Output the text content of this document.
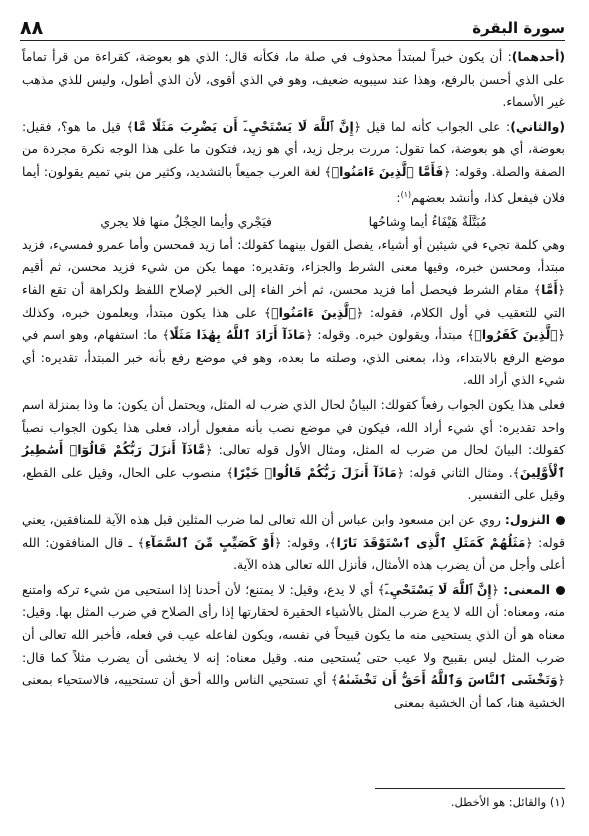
سورة البقرة
٨٨

(أحدهما): أن يكون خبراً لمبتدأ محذوف في صلة ما، فكأنه قال: الذي هو بعوضة، كقراءة من قرأ تماماً على الذي أحسن بالرفع، وهذا عند سيبويه ضعيف، وهو في الذي أقوى، لأن الذي أطول، وليس للذي مذهب غير الأسماء.

(والثاني): على الجواب كأنه لما قيل ﴿إِنَّ ٱللَّهَ لَا يَسْتَحْيِۦٓ أَن يَضْرِبَ مَثَلًا مَّا﴾ قيل ما هو؟، فقيل: بعوضة، أي هو بعوضة، كما تقول: مررت برجل زيد، أي هو زيد، فتكون ما على هذا الوجه نكرة مجردة من الصفة والصلة. وقوله: ﴿فَأَمَّا ٱلَّذِينَ ءَامَنُوا۟﴾ لغة العرب جميعاً بالتشديد، وكثير من بني تميم يقولون: أيما فلان فيفعل كذا، وأنشد بعضهم$^{(١)}$:

مُبَتَّلَةٌ هَيْفَاءُ أيما وِشاحُها
فيَجْري وأيما الحِجْلُ منها فلا يجري

وهي كلمة تجيء في شيئين أو أشياء، يفصل القول بينهما كقولك: أما زيد فمحسن وأما عمرو فمسيء، فزيد مبتدأ، ومحسن خبره، وفيها معنى الشرط والجزاء، وتقديره: مهما يكن من شيء فزيد محسن، ثم أقيم ﴿أَمَّا﴾ مقام الشرط فيحصل أما فزيد محسن، ثم أخر الفاء إلى الخبر لإصلاح اللفظ ولكراهة أن تقع الفاء التي للتعقيب في أول الكلام، فقوله: ﴿ٱلَّذِينَ ءَامَنُوا۟﴾ على هذا يكون مبتدأ، ويعلمون خبره، وكذلك ﴿ٱلَّذِينَ كَفَرُوا۟﴾ مبتدأ، ويقولون خبره. وقوله: ﴿مَاذَآ أَرَادَ ٱللَّهُ بِهَٰذَا مَثَلًا﴾ ما: استفهام، وهو اسم في موضع الرفع بالابتداء، وذا، بمعنى الذي، وصلته ما بعده، وهو في موضع رفع بأنه خبر المبتدأ، تقديره: أي شيء الذي أراد الله.

فعلى هذا يكون الجواب رفعاً كقولك: البيانُ لحال الذي ضرب له المثل، ويحتمل أن يكون: ما وذا بمنزلة اسم واحد تقديره: أي شيء أراد الله، فيكون في موضع نصب بأنه مفعول أراد، فعلى هذا يكون الجواب نصباً كقولك: البيانَ لحال من ضرب له المثل، ومثال الأول قوله تعالى: ﴿مَّاذَآ أَنزَلَ رَبُّكُمْ قَالُوٓا۟ أَسَٰطِيرُ ٱلْأَوَّلِينَ﴾. ومثال الثاني قوله: ﴿مَاذَآ أَنزَلَ رَبُّكُمْ قَالُوا۟ خَيْرًا﴾ منصوب على الحال، وقيل على القطع، وقيل على التفسير.

النزول: روي عن ابن مسعود وابن عباس أن الله تعالى لما ضرب المثلين قبل هذه الآية للمنافقين، يعني قوله: ﴿مَثَلُهُمْ كَمَثَلِ ٱلَّذِى ٱسْتَوْقَدَ نَارًا﴾، وقوله: ﴿أَوْ كَصَيِّبٍ مِّنَ ٱلسَّمَآءِ﴾ ـ قال المنافقون: الله أعلى وأجل من أن يضرب هذه الأمثال، فأنزل الله تعالى هذه الآية.

المعنى: ﴿إِنَّ ٱللَّهَ لَا يَسْتَحْيِۦٓ﴾ أي لا يدع، وقيل: لا يمتنع؛ لأن أحدنا إذا استحيى من شيء تركه وامتنع منه، ومعناه: أن الله لا يدع ضرب المثل بالأشياء الحقيرة لحقارتها إذا رأى الصلاح في ضرب المثل بها. وقيل: معناه هو أن الذي يستحيى منه ما يكون قبيحاً في نفسه، ويكون لفاعله عيب في فعله، فأخبر الله تعالى أن ضرب المثل ليس بقبيح ولا عيب حتى يُستحيى منه. وقيل معناه: إنه لا يخشى أن يضرب مثلاً كما قال: ﴿وَتَخْشَى ٱلنَّاسَ وَٱللَّهُ أَحَقُّ أَن تَخْشَىٰهُ﴾ أي تستحيي الناس والله أحق أن تستحييه، فالاستحياء بمعنى الخشية هنا، كما أن الخشية بمعنى

(١) والقائل: هو الأخطل.
